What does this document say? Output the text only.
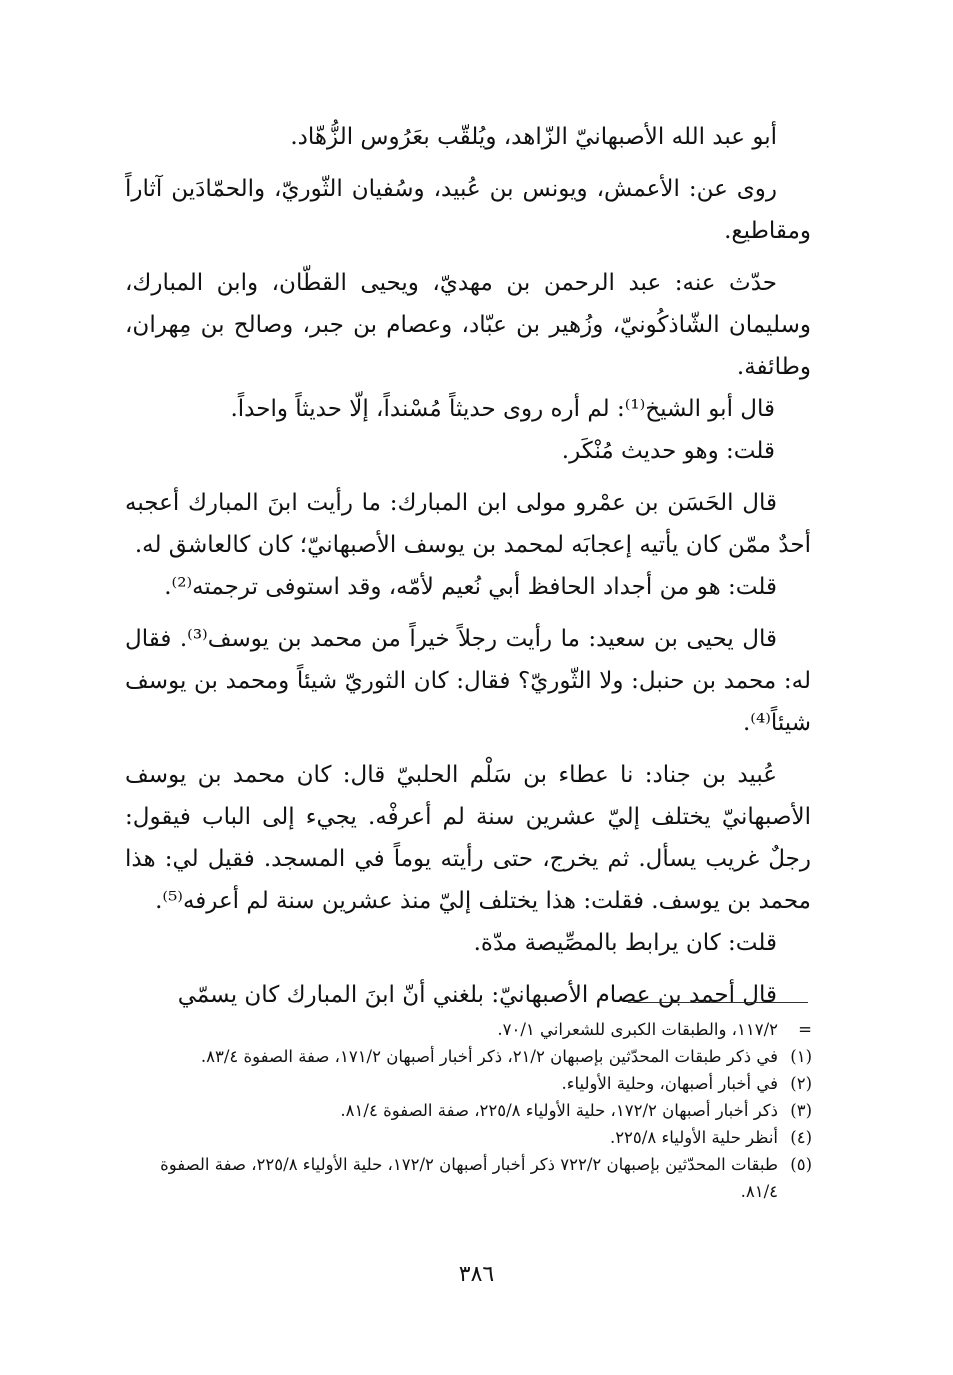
أبو عبد الله الأصبهانيّ الزّاهد، ويُلقّب بعَرُوس الزُّهّاد.

روى عن: الأعمش، ويونس بن عُبيد، وسُفيان الثّوريّ، والحمّادَين آثاراً ومقاطيع.

حدّث عنه: عبد الرحمن بن مهديّ، ويحيى القطّان، وابن المبارك، وسليمان الشّاذكُونيّ، وزُهير بن عبّاد، وعصام بن جبر، وصالح بن مِهران، وطائفة.

قال أبو الشيخ⁽¹⁾: لم أره روى حديثاً مُسْنداً، إلّا حديثاً واحداً.

قلت: وهو حديث مُنْكَر.

قال الحَسَن بن عمْرو مولى ابن المبارك: ما رأيت ابنَ المبارك أعجبه أحدٌ ممّن كان يأتيه إعجابَه لمحمد بن يوسف الأصبهانيّ؛ كان كالعاشق له.

قلت: هو من أجداد الحافظ أبي نُعيم لأمّه، وقد استوفى ترجمته⁽²⁾.

قال يحيى بن سعيد: ما رأيت رجلاً خيراً من محمد بن يوسف⁽³⁾. فقال له: محمد بن حنبل: ولا الثّوريّ؟ فقال: كان الثوريّ شيئاً ومحمد بن يوسف شيئاً⁽⁴⁾.

عُبيد بن جناد: نا عطاء بن سَلْم الحلبيّ قال: كان محمد بن يوسف الأصبهانيّ يختلف إليّ عشرين سنة لم أعرفْه. يجيء إلى الباب فيقول: رجلٌ غريب يسأل. ثم يخرج، حتى رأيته يوماً في المسجد. فقيل لي: هذا محمد بن يوسف. فقلت: هذا يختلف إليّ منذ عشرين سنة لم أعرفه⁽⁵⁾.

قلت: كان يرابط بالمصِّيصة مدّة.

قال أحمد بن عصام الأصبهانيّ: بلغني أنّ ابنَ المبارك كان يسمّي

=
١١٧/٢، والطبقات الكبرى للشعراني ٧٠/١.
(١)
في ذكر طبقات المحدّثين بإصبهان ٢١/٢، ذكر أخبار أصبهان ١٧١/٢، صفة الصفوة ٨٣/٤.
(٢)
في أخبار أصبهان، وحلية الأولياء.
(٣)
ذكر أخبار أصبهان ١٧٢/٢، حلية الأولياء ٢٢٥/٨، صفة الصفوة ٨١/٤.
(٤)
أنظر حلية الأولياء ٢٢٥/٨.
(٥)
طبقات المحدّثين بإصبهان ٧٢٢/٢ ذكر أخبار أصبهان ١٧٢/٢، حلية الأولياء ٢٢٥/٨، صفة الصفوة ٨١/٤.
٣٨٦
